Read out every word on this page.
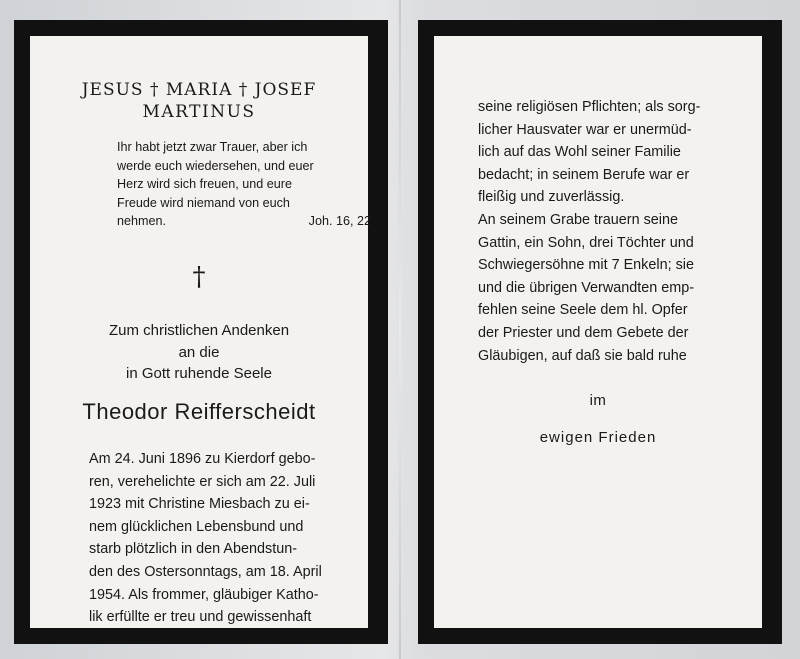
JESUS † MARIA † JOSEF
MARTINUS

Ihr habt jetzt zwar Trauer, aber ich

werde euch wiedersehen, und euer

Herz wird sich freuen, und eure

Freude wird niemand von euch

nehmen.	Joh. 16, 22

†
Zum christlichen Andenken
an die
in Gott ruhende Seele
Theodor Reifferscheidt
Am 24. Juni 1896 zu Kierdorf gebo-
ren, verehelichte er sich am 22. Juli
1923 mit Christine Miesbach zu ei-
nem glücklichen Lebensbund und
starb plötzlich in den Abendstun-
den des Ostersonntags, am 18. April
1954. Als frommer, gläubiger Katho-
lik erfüllte er treu und gewissenhaft
seine religiösen Pflichten; als sorg-
licher Hausvater war er unermüd-
lich auf das Wohl seiner Familie
bedacht; in seinem Berufe war er
fleißig und zuverlässig.
An seinem Grabe trauern seine
Gattin, ein Sohn, drei Töchter und
Schwiegersöhne mit 7 Enkeln; sie
und die übrigen Verwandten emp-
fehlen seine Seele dem hl. Opfer
der Priester und dem Gebete der
Gläubigen, auf daß sie bald ruhe
im
ewigen Frieden
